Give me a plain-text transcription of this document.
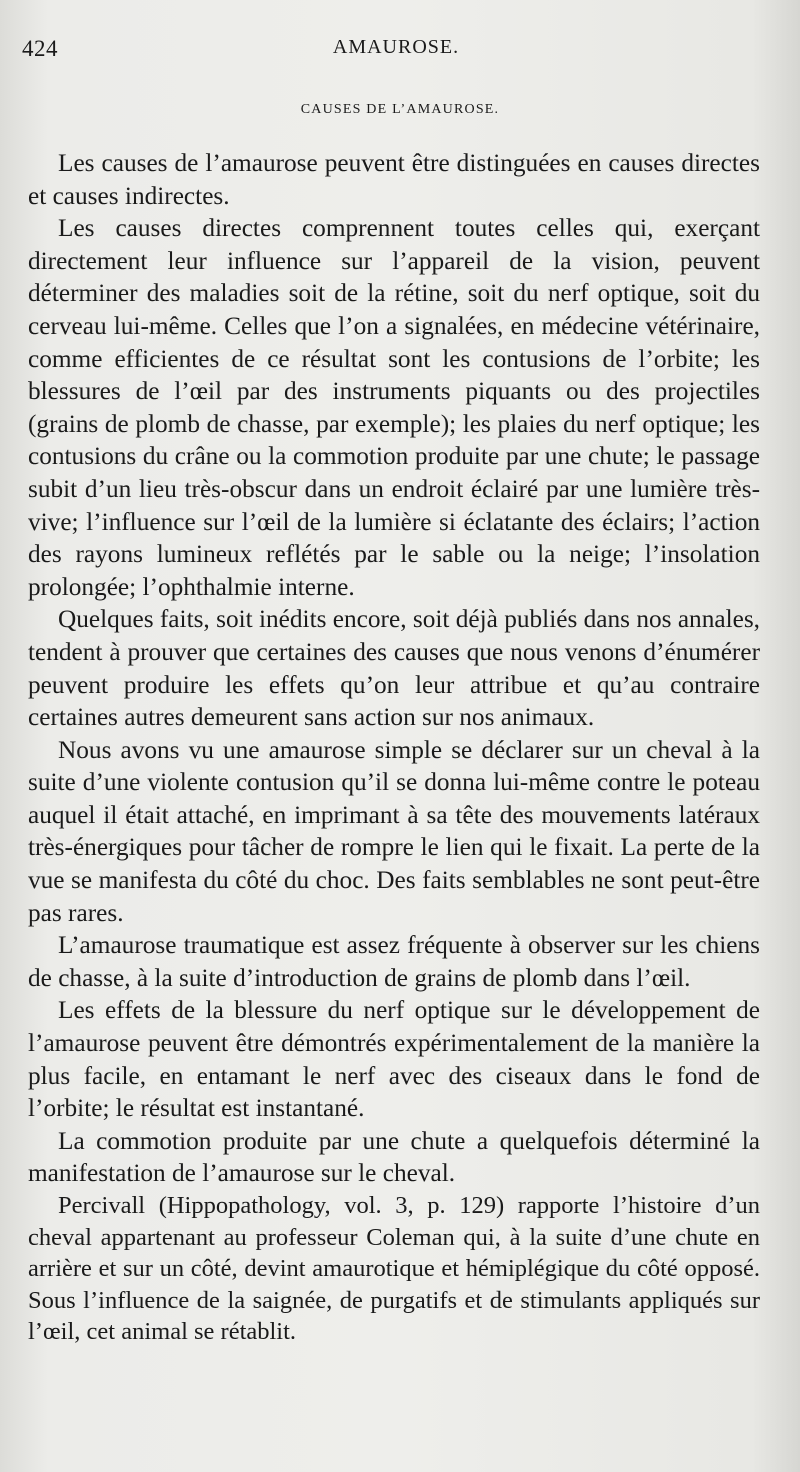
424	AMAUROSE.
CAUSES DE L’AMAUROSE.

Les causes de l’amaurose peuvent être distinguées en causes directes et causes indirectes.

Les causes directes comprennent toutes celles qui, exerçant directement leur influence sur l’appareil de la vision, peuvent déterminer des maladies soit de la rétine, soit du nerf optique, soit du cerveau lui-même. Celles que l’on a signalées, en médecine vétérinaire, comme efficientes de ce résultat sont les contusions de l’orbite; les blessures de l’œil par des instruments piquants ou des projectiles (grains de plomb de chasse, par exemple); les plaies du nerf optique; les contusions du crâne ou la commotion produite par une chute; le passage subit d’un lieu très-obscur dans un endroit éclairé par une lumière très-vive; l’influence sur l’œil de la lumière si éclatante des éclairs; l’action des rayons lumineux reflétés par le sable ou la neige; l’insolation prolongée; l’ophthalmie interne.

Quelques faits, soit inédits encore, soit déjà publiés dans nos annales, tendent à prouver que certaines des causes que nous venons d’énumérer peuvent produire les effets qu’on leur attribue et qu’au contraire certaines autres demeurent sans action sur nos animaux.

Nous avons vu une amaurose simple se déclarer sur un cheval à la suite d’une violente contusion qu’il se donna lui-même contre le poteau auquel il était attaché, en imprimant à sa tête des mouvements latéraux très-énergiques pour tâcher de rompre le lien qui le fixait. La perte de la vue se manifesta du côté du choc. Des faits semblables ne sont peut-être pas rares.

L’amaurose traumatique est assez fréquente à observer sur les chiens de chasse, à la suite d’introduction de grains de plomb dans l’œil.

Les effets de la blessure du nerf optique sur le développement de l’amaurose peuvent être démontrés expérimentalement de la manière la plus facile, en entamant le nerf avec des ciseaux dans le fond de l’orbite; le résultat est instantané.

La commotion produite par une chute a quelquefois déterminé la manifestation de l’amaurose sur le cheval.

Percivall (Hippopathology, vol. 3, p. 129) rapporte l’histoire d’un cheval appartenant au professeur Coleman qui, à la suite d’une chute en arrière et sur un côté, devint amaurotique et hémiplégique du côté opposé. Sous l’influence de la saignée, de purgatifs et de stimulants appliqués sur l’œil, cet animal se rétablit.
